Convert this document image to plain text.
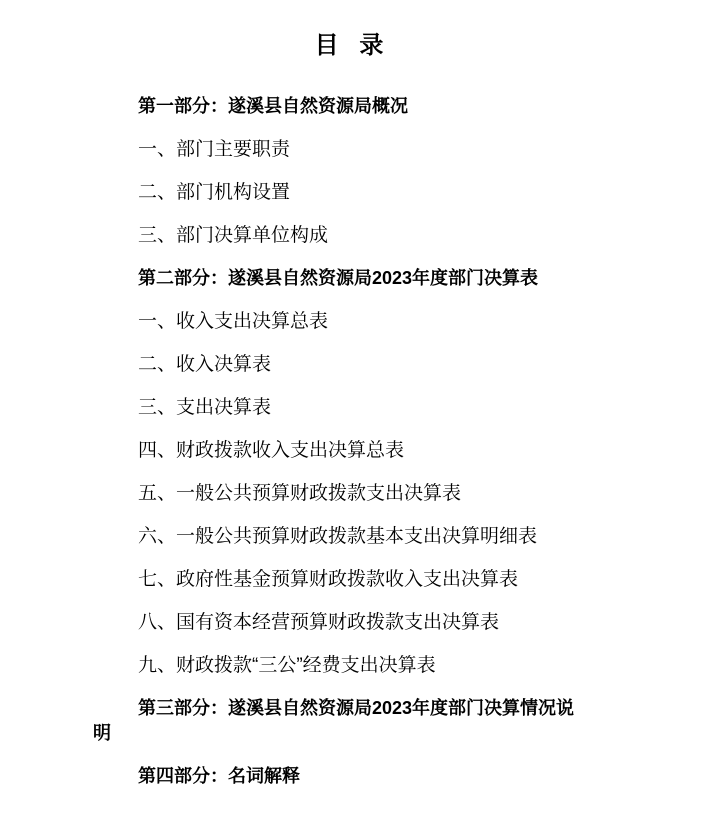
目 录

第一部分：遂溪县自然资源局概况

一、部门主要职责

二、部门机构设置

三、部门决算单位构成

第二部分：遂溪县自然资源局2023年度部门决算表

一、收入支出决算总表

二、收入决算表

三、支出决算表

四、财政拨款收入支出决算总表

五、一般公共预算财政拨款支出决算表

六、一般公共预算财政拨款基本支出决算明细表

七、政府性基金预算财政拨款收入支出决算表

八、国有资本经营预算财政拨款支出决算表

九、财政拨款“三公”经费支出决算表

第三部分：遂溪县自然资源局2023年度部门决算情况说明

第四部分：名词解释
